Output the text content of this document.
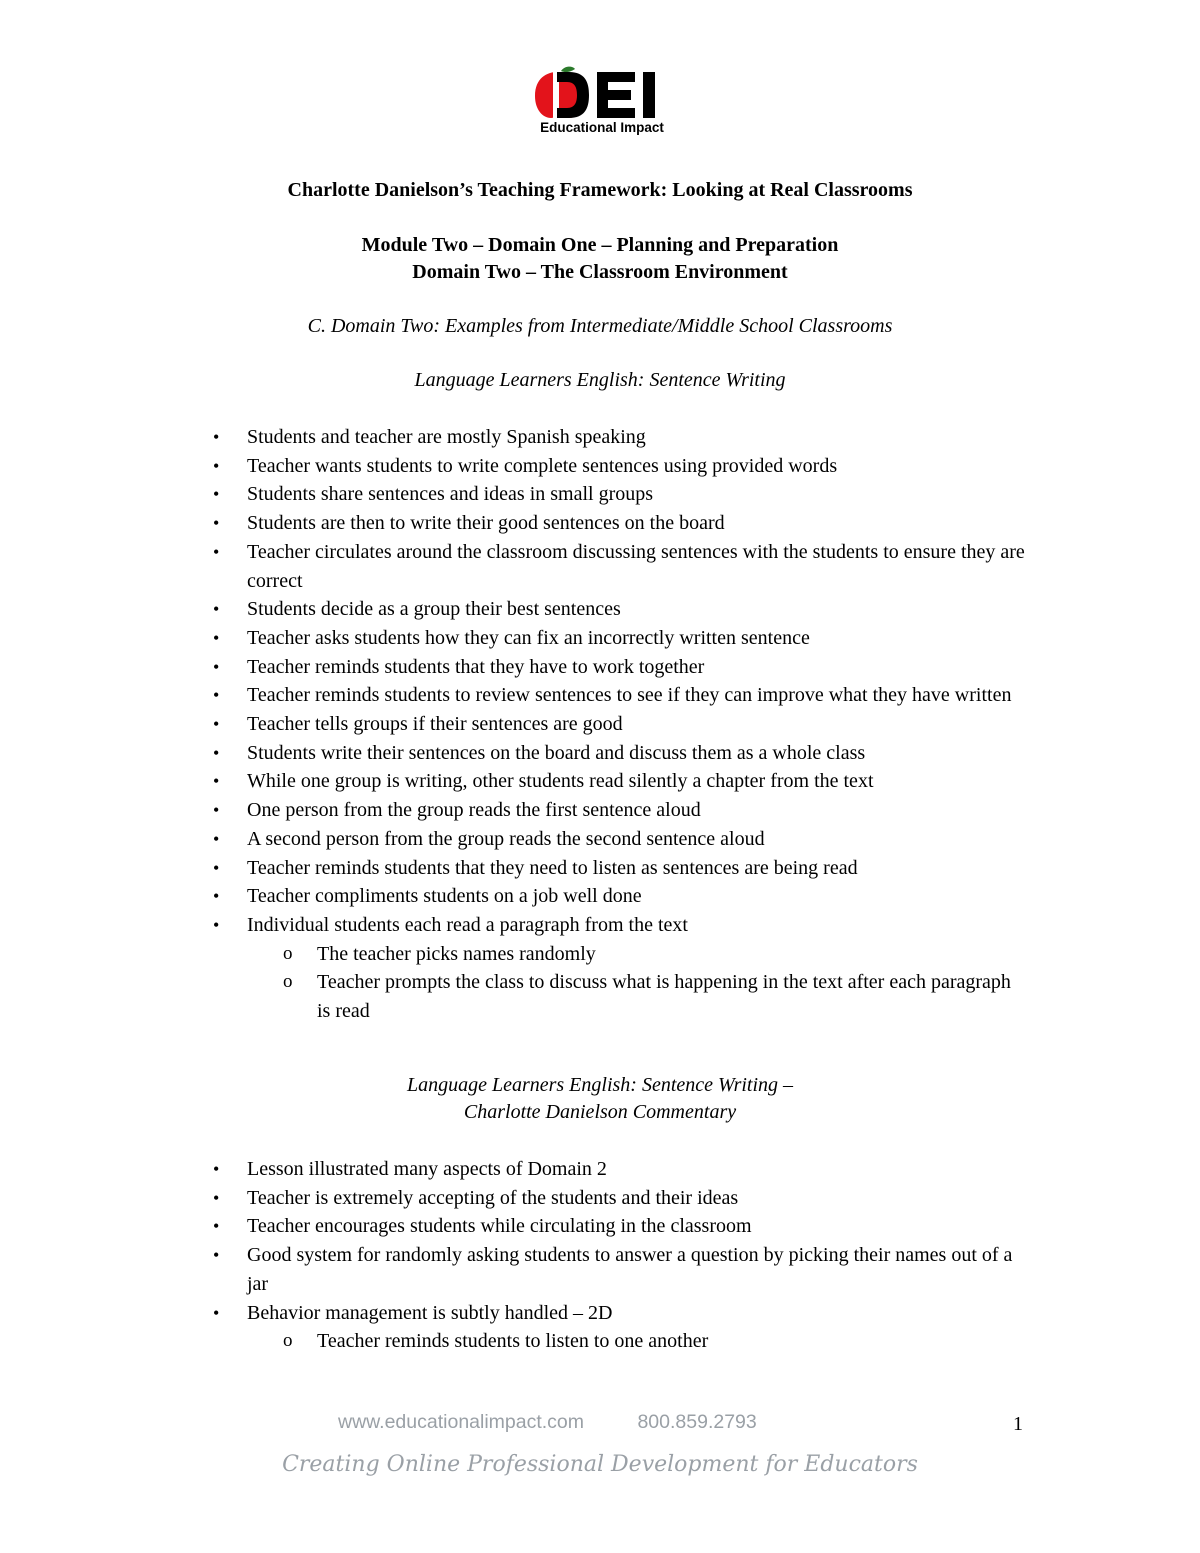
Educational Impact
Charlotte Danielson’s Teaching Framework: Looking at Real Classrooms
Module Two – Domain One – Planning and Preparation
Domain Two – The Classroom Environment
C. Domain Two: Examples from Intermediate/Middle School Classrooms
Language Learners English: Sentence Writing
• Students and teacher are mostly Spanish speaking
• Teacher wants students to write complete sentences using provided words
• Students share sentences and ideas in small groups
• Students are then to write their good sentences on the board
• Teacher circulates around the classroom discussing sentences with the students to ensure they are correct
• Students decide as a group their best sentences
• Teacher asks students how they can fix an incorrectly written sentence
• Teacher reminds students that they have to work together
• Teacher reminds students to review sentences to see if they can improve what they have written
• Teacher tells groups if their sentences are good
• Students write their sentences on the board and discuss them as a whole class
• While one group is writing, other students read silently a chapter from the text
• One person from the group reads the first sentence aloud
• A second person from the group reads the second sentence aloud
• Teacher reminds students that they need to listen as sentences are being read
• Teacher compliments students on a job well done
• Individual students each read a paragraph from the text
o The teacher picks names randomly
o Teacher prompts the class to discuss what is happening in the text after each paragraph is read
Language Learners English: Sentence Writing –
Charlotte Danielson Commentary
• Lesson illustrated many aspects of Domain 2
• Teacher is extremely accepting of the students and their ideas
• Teacher encourages students while circulating in the classroom
• Good system for randomly asking students to answer a question by picking their names out of a jar
• Behavior management is subtly handled – 2D
o Teacher reminds students to listen to one another
www.educationalimpact.com	800.859.2793	1
Creating Online Professional Development for Educators
